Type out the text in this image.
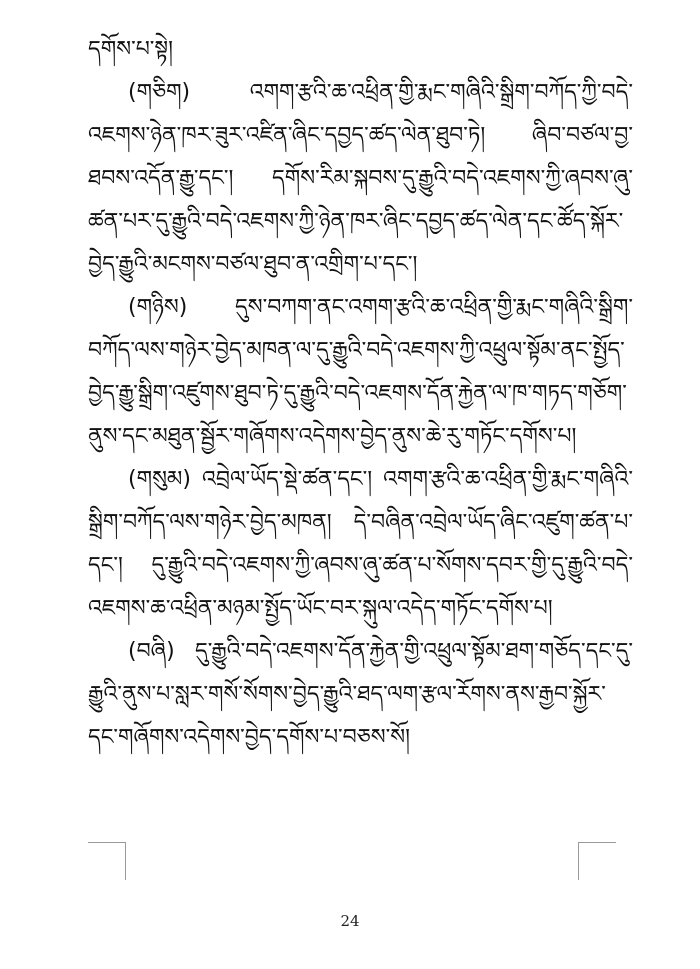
དགོས་པ་སྟེ།

(གཅིག) འགག་རྩའི་ཆ་འཕྲིན་གྱི་རྨང་གཞིའི་སྒྲིག་བཀོད་ཀྱི་བདེ་འཇགས་ཉེན་ཁར་ཟུར་འཛིན་ཞིང་དབྱད་ཚད་ལེན་ཐུབ་ཏེ། ཞིབ་བཙལ་བྱ་ཐབས་འདོན་རྒྱུ་དང་། དགོས་རིམ་སྐབས་དུ་རྒྱུའི་བདེ་འཇགས་ཀྱི་ཞབས་ཞུ་ཚན་པར་དུ་རྒྱུའི་བདེ་འཇགས་ཀྱི་ཉེན་ཁར་ཞིང་དབྱད་ཚད་ལེན་དང་ཚོད་སྐོར་བྱེད་རྒྱུའི་མངགས་བཙལ་ཐུབ་ན་འགྲིག་པ་དང་།

(གཉིས) དུས་བཀག་ནང་འགག་རྩའི་ཆ་འཕྲིན་གྱི་རྨང་གཞིའི་སྒྲིག་བཀོད་ལས་གཉེར་བྱེད་མཁན་ལ་དུ་རྒྱུའི་བདེ་འཇགས་ཀྱི་འཕྲུལ་སྟོམ་ནང་སྤྱོད་བྱེད་རྒྱུ་སྒྲིག་འཛུགས་ཐུབ་ཏེ་དུ་རྒྱུའི་བདེ་འཇགས་དོན་རྐྱེན་ལ་ཁ་གཏད་གཅོག་ནུས་དང་མཐུན་སྦྱོར་གཞོགས་འདེགས་བྱེད་ནུས་ཆེ་རུ་གཏོང་དགོས་པ།

(གསུམ) འབྲེལ་ཡོད་སྡེ་ཚན་དང་། འགག་རྩའི་ཆ་འཕྲིན་གྱི་རྨང་གཞིའི་སྒྲིག་བཀོད་ལས་གཉེར་བྱེད་མཁན། དེ་བཞིན་འབྲེལ་ཡོད་ཞིང་འཛུག་ཚན་པ་དང་། དུ་རྒྱུའི་བདེ་འཇགས་ཀྱི་ཞབས་ཞུ་ཚན་པ་སོགས་དབར་གྱི་དུ་རྒྱུའི་བདེ་འཇགས་ཆ་འཕྲིན་མཉམ་སྤྱོད་ཡོང་བར་སྐུལ་འདེད་གཏོང་དགོས་པ།

(བཞི) དུ་རྒྱུའི་བདེ་འཇགས་དོན་རྐྱེན་གྱི་འཕྲུལ་སྟོམ་ཐག་གཅོད་དང་དུ་རྒྱུའི་ནུས་པ་སླར་གསོ་སོགས་བྱེད་རྒྱུའི་ཐད་ལག་རྩལ་རོགས་ནས་རྒྱབ་སྐྱོར་དང་གཞོགས་འདེགས་བྱེད་དགོས་པ་བཅས་སོ།

24
